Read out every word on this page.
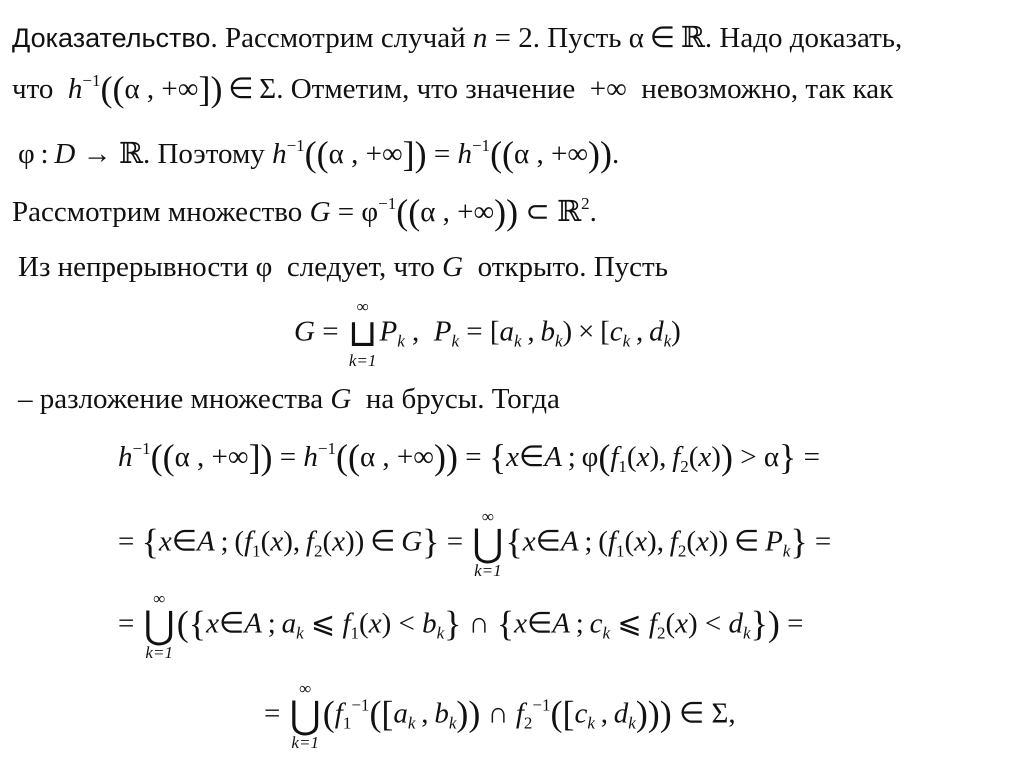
Доказательство. Рассмотрим случай n = 2. Пусть α ∈ ℝ. Надо доказать,
что  $h^{-1}((\alpha$ , +∞]) ∈ Σ. Отметим, что значение  +∞  невозможно, так как
φ : D → ℝ. Поэтому $h^{-1}((\alpha$ , +∞]) = $h^{-1}((\alpha$ , +∞)).
Рассмотрим множество $G = \varphi^{-1}((\alpha$ , +∞)) ⊂ ℝ$^2$.
Из непрерывности φ  следует, что G  открыто. Пусть
G =
∞
⊔
k=1
$P_k$ ,  $P_k = [a_k$ , $b_k) \times [c_k$ , $d_k$)
– разложение множества G  на брусы. Тогда
$h^{-1}((\alpha$ , +∞]) = $h^{-1}((\alpha$ , +∞)) = {x∈A ; $\varphi(f_1(x)$, $f_2(x)) > \alpha$} =
= {x∈A ; ($f_1(x)$, $f_2(x)$) ∈ G} =
∞
⋃
k=1
{x∈A ; ($f_1(x)$, $f_2(x)$) ∈ $P_k$} =
=
∞
⋃
k=1
({x∈A ; $a_k$ ⩽ $f_1(x) < b_k$} ∩ {x∈A ; $c_k$ ⩽ $f_2(x) < d_k$}) =
=
∞
⋃
k=1
($f_1^{-1}([a_k$ , $b_k$)) ∩ $f_2^{-1}([c_k$ , $d_k$))) ∈ Σ,
